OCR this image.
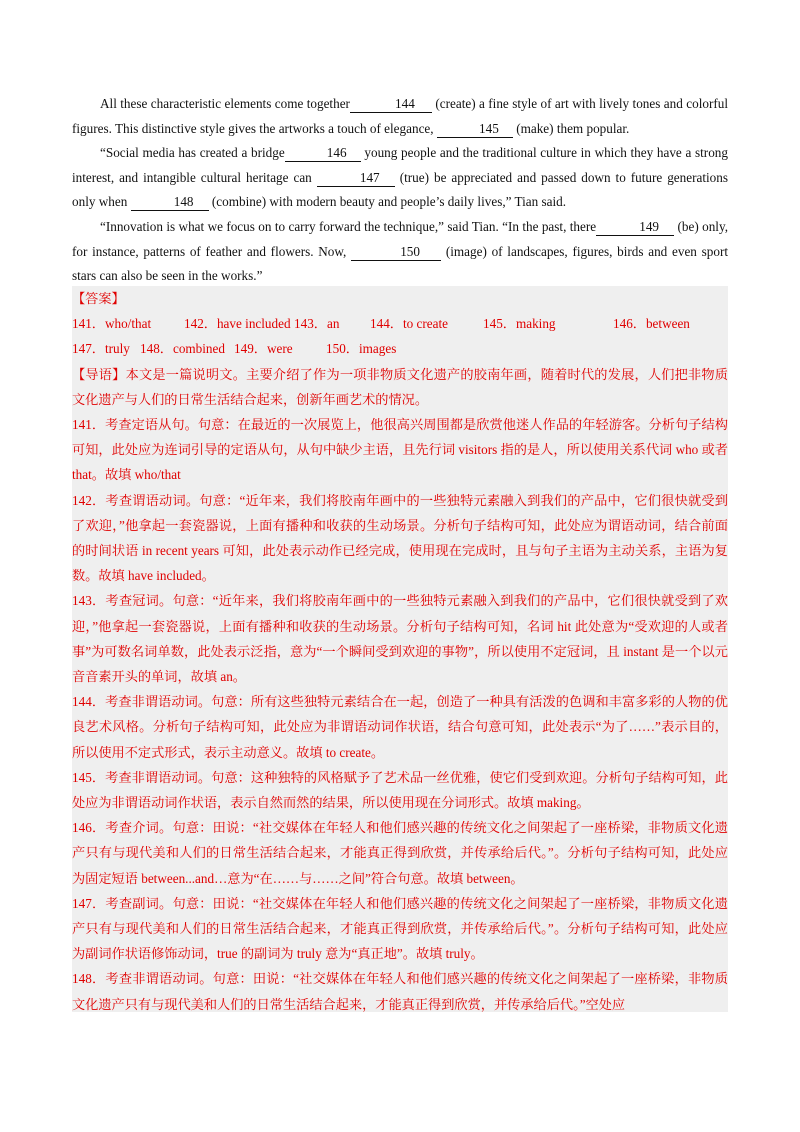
All these characteristic elements come together	144 (create) a fine style of art with lively tones and colorful figures. This distinctive style gives the artworks a touch of elegance,	145 (make) them popular.

“Social media has created a bridge	146 young people and the traditional culture in which they have a strong interest, and intangible cultural heritage can	147 (true) be appreciated and passed down to future generations only when	148 (combine) with modern beauty and people’s daily lives,” Tian said.

“Innovation is what we focus on to carry forward the technique,” said Tian. “In the past, there	149 (be) only, for instance, patterns of feather and flowers. Now,	150 (image) of landscapes, figures, birds and even sport stars can also be seen in the works.”

【答案】

141．who/that	142．have included 143．an	144．to create	145．making	146．between
147．truly 148．combined 149．were	150．images

【导语】本文是一篇说明文。主要介绍了作为一项非物质文化遗产的胶南年画，随着时代的发展，人们把非物质文化遗产与人们的日常生活结合起来，创新年画艺术的情况。

141．考查定语从句。句意：在最近的一次展览上，他很高兴周围都是欣赏他迷人作品的年轻游客。分析句子结构可知，此处应为连词引导的定语从句，从句中缺少主语，且先行词 visitors 指的是人，所以使用关系代词 who 或者 that。故填 who/that

142．考查谓语动词。句意：“近年来，我们将胶南年画中的一些独特元素融入到我们的产品中，它们很快就受到了欢迎，”他拿起一套瓷器说，上面有播种和收获的生动场景。分析句子结构可知，此处应为谓语动词，结合前面的时间状语 in recent years 可知，此处表示动作已经完成，使用现在完成时，且与句子主语为主动关系，主语为复数。故填 have included。

143．考查冠词。句意：“近年来，我们将胶南年画中的一些独特元素融入到我们的产品中，它们很快就受到了欢迎，”他拿起一套瓷器说，上面有播种和收获的生动场景。分析句子结构可知，名词 hit 此处意为“受欢迎的人或者事”为可数名词单数，此处表示泛指，意为“一个瞬间受到欢迎的事物”，所以使用不定冠词，且 instant 是一个以元音音素开头的单词，故填 an。

144．考查非谓语动词。句意：所有这些独特元素结合在一起，创造了一种具有活泼的色调和丰富多彩的人物的优良艺术风格。分析句子结构可知，此处应为非谓语动词作状语，结合句意可知，此处表示“为了……”表示目的，所以使用不定式形式，表示主动意义。故填 to create。

145．考查非谓语动词。句意：这种独特的风格赋予了艺术品一丝优雅，使它们受到欢迎。分析句子结构可知，此处应为非谓语动词作状语，表示自然而然的结果，所以使用现在分词形式。故填 making。

146．考查介词。句意：田说：“社交媒体在年轻人和他们感兴趣的传统文化之间架起了一座桥梁，非物质文化遗产只有与现代美和人们的日常生活结合起来，才能真正得到欣赏，并传承给后代。”。分析句子结构可知，此处应为固定短语 between...and…意为“在……与……之间”符合句意。故填 between。

147．考查副词。句意：田说：“社交媒体在年轻人和他们感兴趣的传统文化之间架起了一座桥梁，非物质文化遗产只有与现代美和人们的日常生活结合起来，才能真正得到欣赏，并传承给后代。”。分析句子结构可知，此处应为副词作状语修饰动词，true 的副词为 truly 意为“真正地”。故填 truly。

148．考查非谓语动词。句意：田说：“社交媒体在年轻人和他们感兴趣的传统文化之间架起了一座桥梁，非物质文化遗产只有与现代美和人们的日常生活结合起来，才能真正得到欣赏，并传承给后代。”空处应
